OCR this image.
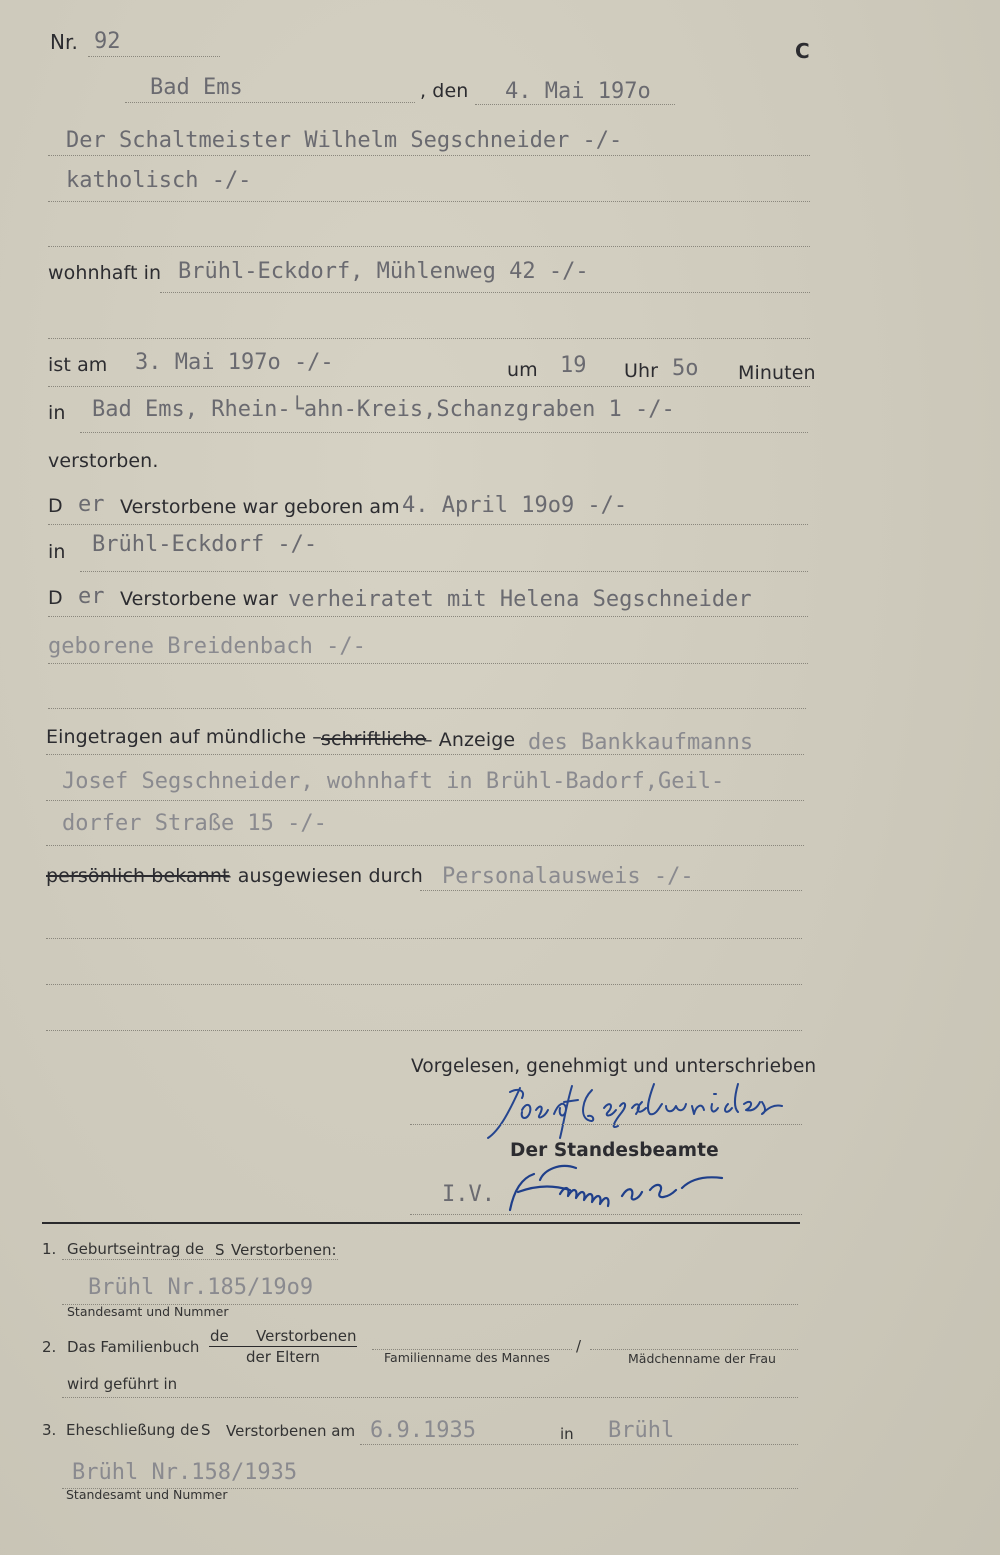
Nr. 92	C
Bad Ems	, den 4. Mai 197o
Der Schaltmeister Wilhelm Segschneider -/-
katholisch -/-
wohnhaft in Brühl-Eckdorf, Mühlenweg 42 -/-
ist am 3. Mai 197o -/-	um 19 Uhr 5o Minuten
in Bad Ems, Rhein-└ahn-Kreis,Schanzgraben 1 -/-
verstorben.
D er Verstorbene war geboren am 4. April 19o9 -/-
in Brühl-Eckdorf -/-
D er Verstorbene war verheiratet mit Helena Segschneider
geborene Breidenbach -/-
Eingetragen auf mündliche – schriftliche
– Anzeige des Bankkaufmanns
Josef Segschneider, wohnhaft in Brühl-Badorf,Geil-
dorfer Straße 15 -/-
persönlich bekannt
– ausgewiesen durch Personalausweis -/-
Vorgelesen, genehmigt und unterschrieben
Der Standesbeamte
I.V.
1. Geburtseintrag de S Verstorbenen:
Brühl Nr.185/19o9
Standesamt und Nummer
2. Das Familienbuch
de Verstorbenen
der Eltern	Familienname des Mannes
/
Mädchenname der Frau
wird geführt in
3. Eheschließung de S Verstorbenen am 6.9.1935	in Brühl
Brühl Nr.158/1935
Standesamt und Nummer
